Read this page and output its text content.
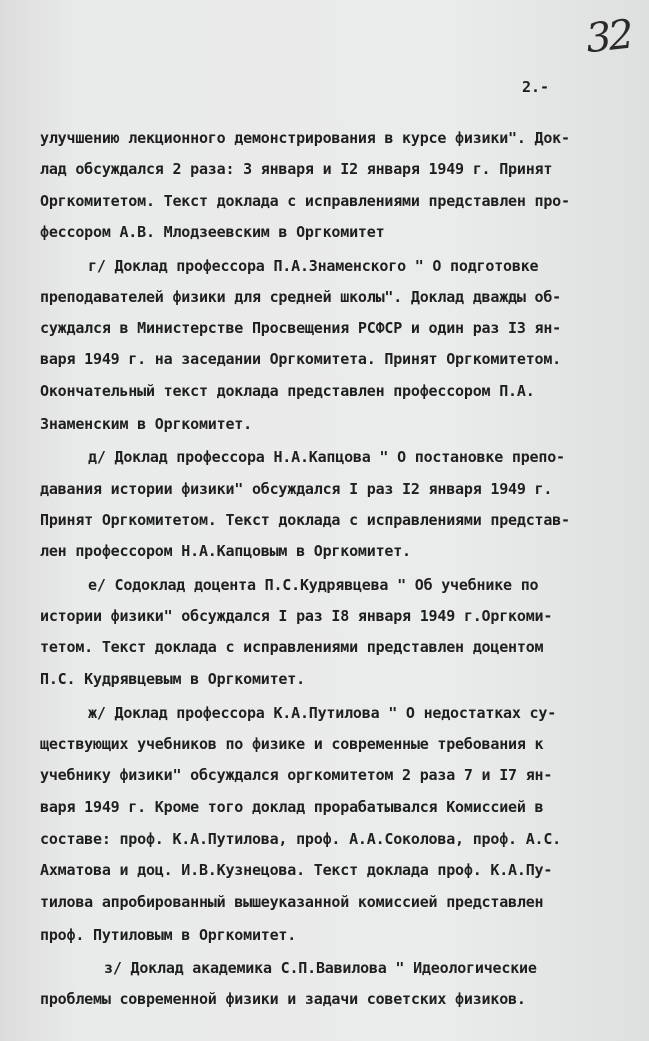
32

2.-

улучшению лекционного демонстрирования в курсе физики". Док-

лад обсуждался 2 раза: 3 января и I2 января 1949 г. Принят

Оргкомитетом. Текст доклада с исправлениями представлен про-

фессором А.В. Млодзеевским в Оргкомитет

г/ Доклад профессора П.А.Знаменского " О подготовке

преподавателей физики для средней школы". Доклад дважды об-

суждался в Министерстве Просвещения РСФСР и один раз I3 ян-

варя 1949 г. на заседании Оргкомитета. Принят Оргкомитетом.

Окончательный текст доклада представлен профессором П.А.

Знаменским в Оргкомитет.

д/ Доклад профессора Н.А.Капцова " О постановке препо-

давания истории физики" обсуждался I раз I2 января 1949 г.

Принят Оргкомитетом. Текст доклада с исправлениями представ-

лен профессором Н.А.Капцовым в Оргкомитет.

е/ Содоклад доцента П.С.Кудрявцева " Об учебнике по

истории физики" обсуждался I раз I8 января 1949 г.Оргкоми-

тетом. Текст доклада с исправлениями представлен доцентом

П.С. Кудрявцевым в Оргкомитет.

ж/ Доклад профессора К.А.Путилова " О недостатках су-

ществующих учебников по физике и современные требования к

учебнику физики" обсуждался оргкомитетом 2 раза 7 и I7 ян-

варя 1949 г. Кроме того доклад прорабатывался Комиссией в

составе: проф. К.А.Путилова, проф. А.А.Соколова, проф. А.С.

Ахматова и доц. И.В.Кузнецова. Текст доклада проф. К.А.Пу-

тилова апробированный вышеуказанной комиссией представлен

проф. Путиловым в Оргкомитет.

з/ Доклад академика С.П.Вавилова " Идеологические

проблемы современной физики и задачи советских физиков.
